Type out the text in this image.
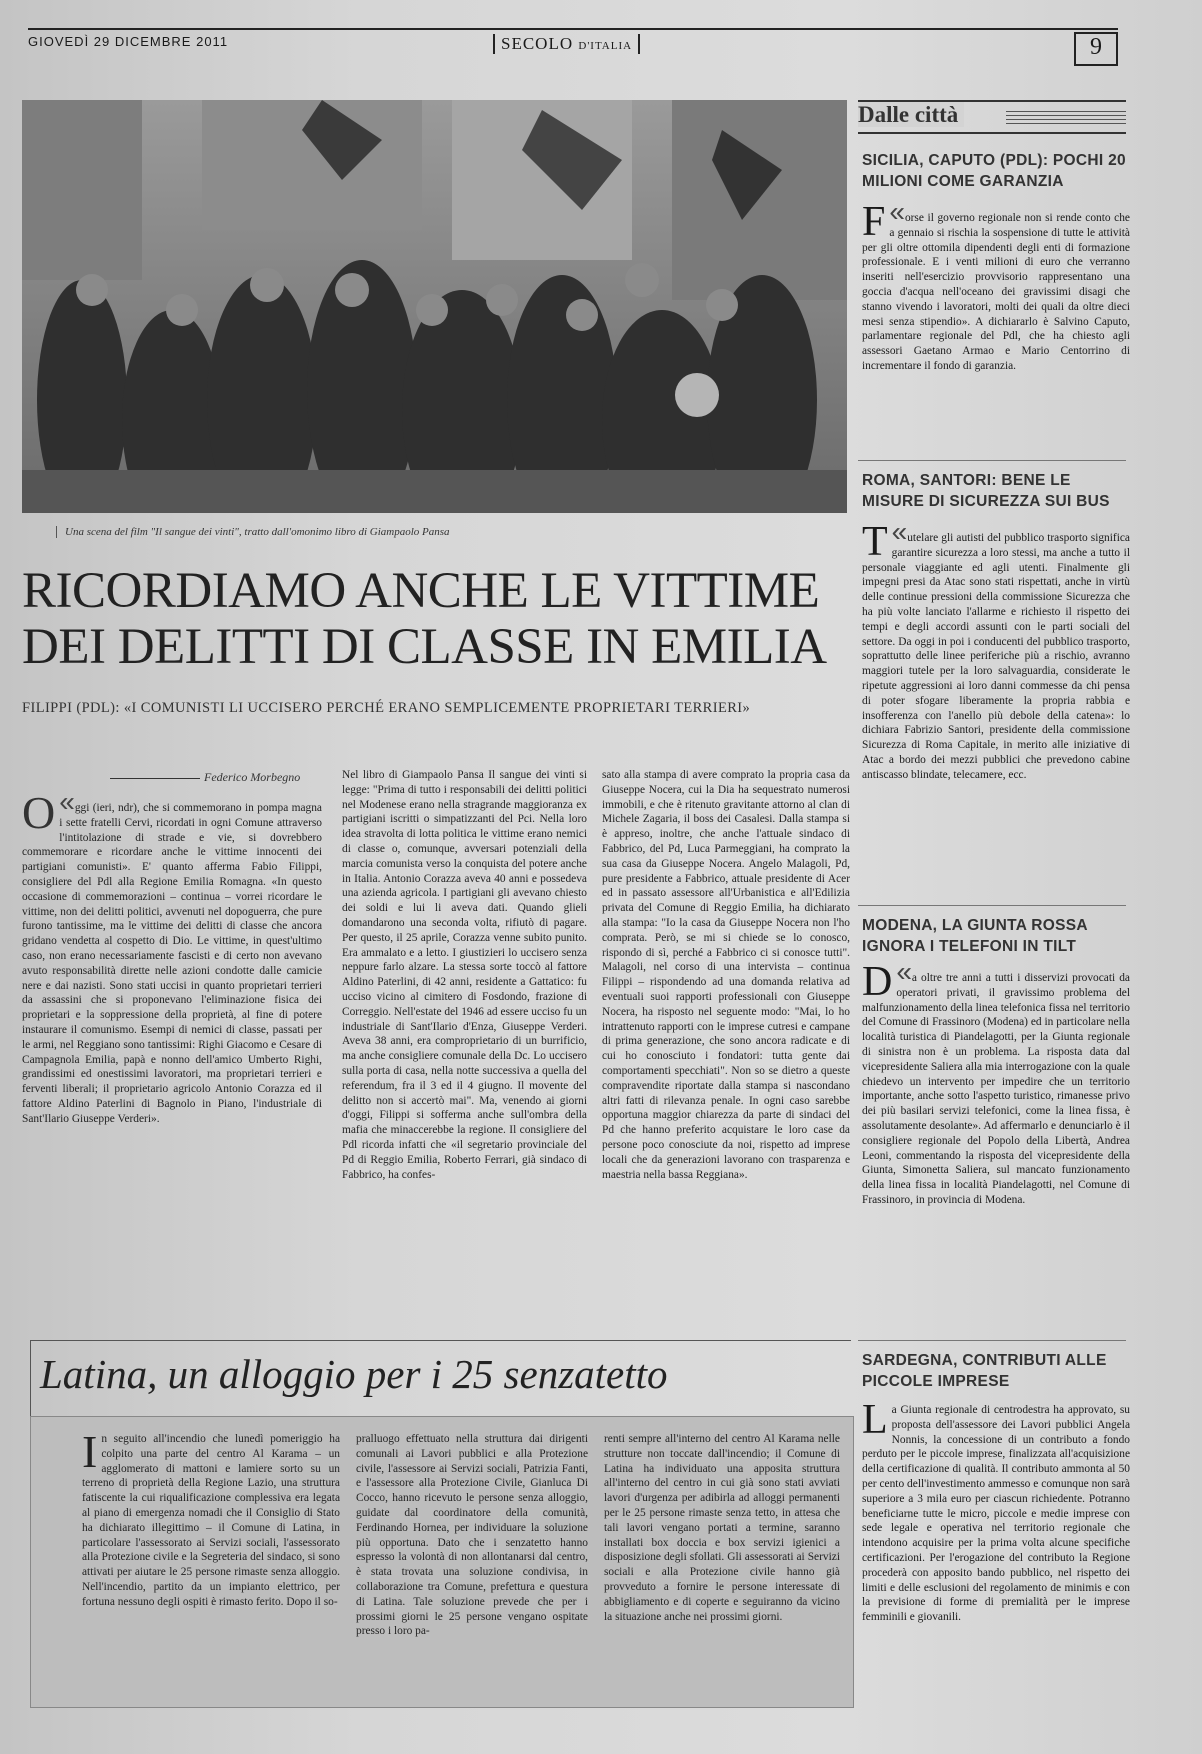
GIOVEDÌ 29 DICEMBRE 2011	SECOLO D'ITALIA	9
Una scena del film "Il sangue dei vinti", tratto dall'omonimo libro di Giampaolo Pansa
RICORDIAMO ANCHE LE VITTIME
DEI DELITTI DI CLASSE IN EMILIA
FILIPPI (PDL): «I COMUNISTI LI UCCISERO PERCHÉ ERANO SEMPLICEMENTE PROPRIETARI TERRIERI»
Federico Morbegno
«
O ggi (ieri, ndr), che si commemorano in pompa magna i sette fratelli Cervi, ricordati in ogni Comune attraverso l'intitolazione di strade e vie, si dovrebbero commemorare e ricordare anche le vittime innocenti dei partigiani comunisti». E' quanto afferma Fabio Filippi, consigliere del Pdl alla Regione Emilia Romagna. «In questo occasione di commemorazioni – continua – vorrei ricordare le vittime, non dei delitti politici, avvenuti nel dopoguerra, che pure furono tantissime, ma le vittime dei delitti di classe che ancora gridano vendetta al cospetto di Dio. Le vittime, in quest'ultimo caso, non erano necessariamente fascisti e di certo non avevano avuto responsabilità dirette nelle azioni condotte dalle camicie nere e dai nazisti. Sono stati uccisi in quanto proprietari terrieri da assassini che si proponevano l'eliminazione fisica dei proprietari e la soppressione della proprietà, al fine di potere instaurare il comunismo. Esempi di nemici di classe, passati per le armi, nel Reggiano sono tantissimi: Righi Giacomo e Cesare di Campagnola Emilia, papà e nonno dell'amico Umberto Righi, grandissimi ed onestissimi lavoratori, ma proprietari terrieri e ferventi liberali; il proprietario agricolo Antonio Corazza ed il fattore Aldino Paterlini di Bagnolo in Piano, l'industriale di Sant'Ilario Giuseppe Verderi».
Nel libro di Giampaolo Pansa Il sangue dei vinti si legge: "Prima di tutto i responsabili dei delitti politici nel Modenese erano nella stragrande maggioranza ex partigiani iscritti o simpatizzanti del Pci. Nella loro idea stravolta di lotta politica le vittime erano nemici di classe o, comunque, avversari potenziali della marcia comunista verso la conquista del potere anche in Italia. Antonio Corazza aveva 40 anni e possedeva una azienda agricola. I partigiani gli avevano chiesto dei soldi e lui li aveva dati. Quando glieli domandarono una seconda volta, rifiutò di pagare. Per questo, il 25 aprile, Corazza venne subito punito. Era ammalato e a letto. I giustizieri lo uccisero senza neppure farlo alzare. La stessa sorte toccò al fattore Aldino Paterlini, di 42 anni, residente a Gattatico: fu ucciso vicino al cimitero di Fosdondo, frazione di Correggio. Nell'estate del 1946 ad essere ucciso fu un industriale di Sant'Ilario d'Enza, Giuseppe Verderi. Aveva 38 anni, era comproprietario di un burrificio, ma anche consigliere comunale della Dc. Lo uccisero sulla porta di casa, nella notte successiva a quella del referendum, fra il 3 ed il 4 giugno. Il movente del delitto non si accertò mai". Ma, venendo ai giorni d'oggi, Filippi si sofferma anche sull'ombra della mafia che minaccerebbe la regione. Il consigliere del Pdl ricorda infatti che «il segretario provinciale del Pd di Reggio Emilia, Roberto Ferrari, già sindaco di Fabbrico, ha confes-
sato alla stampa di avere comprato la propria casa da Giuseppe Nocera, cui la Dia ha sequestrato numerosi immobili, e che è ritenuto gravitante attorno al clan di Michele Zagaria, il boss dei Casalesi. Dalla stampa si è appreso, inoltre, che anche l'attuale sindaco di Fabbrico, del Pd, Luca Parmeggiani, ha comprato la sua casa da Giuseppe Nocera. Angelo Malagoli, Pd, pure presidente a Fabbrico, attuale presidente di Acer ed in passato assessore all'Urbanistica e all'Edilizia privata del Comune di Reggio Emilia, ha dichiarato alla stampa: "Io la casa da Giuseppe Nocera non l'ho comprata. Però, se mi si chiede se lo conosco, rispondo di sì, perché a Fabbrico ci si conosce tutti". Malagoli, nel corso di una intervista – continua Filippi – rispondendo ad una domanda relativa ad eventuali suoi rapporti professionali con Giuseppe Nocera, ha risposto nel seguente modo: "Mai, lo ho intrattenuto rapporti con le imprese cutresi e campane di prima generazione, che sono ancora radicate e di cui ho conosciuto i fondatori: tutta gente dai comportamenti specchiati". Non so se dietro a queste compravendite riportate dalla stampa si nascondano altri fatti di rilevanza penale. In ogni caso sarebbe opportuna maggior chiarezza da parte di sindaci del Pd che hanno preferito acquistare le loro case da persone poco conosciute da noi, rispetto ad imprese locali che da generazioni lavorano con trasparenza e maestria nella bassa Reggiana».
Latina, un alloggio per i 25 senzatetto
In seguito all'incendio che lunedì pomeriggio ha colpito una parte del centro Al Karama – un agglomerato di mattoni e lamiere sorto su un terreno di proprietà della Regione Lazio, una struttura fatiscente la cui riqualificazione complessiva era legata al piano di emergenza nomadi che il Consiglio di Stato ha dichiarato illegittimo – il Comune di Latina, in particolare l'assessorato ai Servizi sociali, l'assessorato alla Protezione civile e la Segreteria del sindaco, si sono attivati per aiutare le 25 persone rimaste senza alloggio. Nell'incendio, partito da un impianto elettrico, per fortuna nessuno degli ospiti è rimasto ferito. Dopo il so-
pralluogo effettuato nella struttura dai dirigenti comunali ai Lavori pubblici e alla Protezione civile, l'assessore ai Servizi sociali, Patrizia Fanti, e l'assessore alla Protezione Civile, Gianluca Di Cocco, hanno ricevuto le persone senza alloggio, guidate dal coordinatore della comunità, Ferdinando Hornea, per individuare la soluzione più opportuna. Dato che i senzatetto hanno espresso la volontà di non allontanarsi dal centro, è stata trovata una soluzione condivisa, in collaborazione tra Comune, prefettura e questura di Latina. Tale soluzione prevede che per i prossimi giorni le 25 persone vengano ospitate presso i loro pa-
renti sempre all'interno del centro Al Karama nelle strutture non toccate dall'incendio; il Comune di Latina ha individuato una apposita struttura all'interno del centro in cui già sono stati avviati lavori d'urgenza per adibirla ad alloggi permanenti per le 25 persone rimaste senza tetto, in attesa che tali lavori vengano portati a termine, saranno installati box doccia e box servizi igienici a disposizione degli sfollati. Gli assessorati ai Servizi sociali e alla Protezione civile hanno già provveduto a fornire le persone interessate di abbigliamento e di coperte e seguiranno da vicino la situazione anche nei prossimi giorni.
Dalle città
SICILIA, CAPUTO (PDL): POCHI 20 MILIONI COME GARANZIA
«
F orse il governo regionale non si rende conto che a gennaio si rischia la sospensione di tutte le attività per gli oltre ottomila dipendenti degli enti di formazione professionale. E i venti milioni di euro che verranno inseriti nell'esercizio provvisorio rappresentano una goccia d'acqua nell'oceano dei gravissimi disagi che stanno vivendo i lavoratori, molti dei quali da oltre dieci mesi senza stipendio». A dichiararlo è Salvino Caputo, parlamentare regionale del Pdl, che ha chiesto agli assessori Gaetano Armao e Mario Centorrino di incrementare il fondo di garanzia.
ROMA, SANTORI: BENE LE MISURE DI SICUREZZA SUI BUS
«
T utelare gli autisti del pubblico trasporto significa garantire sicurezza a loro stessi, ma anche a tutto il personale viaggiante ed agli utenti. Finalmente gli impegni presi da Atac sono stati rispettati, anche in virtù delle continue pressioni della commissione Sicurezza che ha più volte lanciato l'allarme e richiesto il rispetto dei tempi e degli accordi assunti con le parti sociali del settore. Da oggi in poi i conducenti del pubblico trasporto, soprattutto delle linee periferiche più a rischio, avranno maggiori tutele per la loro salvaguardia, considerate le ripetute aggressioni ai loro danni commesse da chi pensa di poter sfogare liberamente la propria rabbia e insofferenza con l'anello più debole della catena»: lo dichiara Fabrizio Santori, presidente della commissione Sicurezza di Roma Capitale, in merito alle iniziative di Atac a bordo dei mezzi pubblici che prevedono cabine antiscasso blindate, telecamere, ecc.
MODENA, LA GIUNTA ROSSA IGNORA I TELEFONI IN TILT
«
D a oltre tre anni a tutti i disservizi provocati da operatori privati, il gravissimo problema del malfunzionamento della linea telefonica fissa nel territorio del Comune di Frassinoro (Modena) ed in particolare nella località turistica di Piandelagotti, per la Giunta regionale di sinistra non è un problema. La risposta data dal vicepresidente Saliera alla mia interrogazione con la quale chiedevo un intervento per impedire che un territorio importante, anche sotto l'aspetto turistico, rimanesse privo dei più basilari servizi telefonici, come la linea fissa, è assolutamente desolante». Ad affermarlo e denunciarlo è il consigliere regionale del Popolo della Libertà, Andrea Leoni, commentando la risposta del vicepresidente della Giunta, Simonetta Saliera, sul mancato funzionamento della linea fissa in località Piandelagotti, nel Comune di Frassinoro, in provincia di Modena.
SARDEGNA, CONTRIBUTI ALLE PICCOLE IMPRESE
La Giunta regionale di centrodestra ha approvato, su proposta dell'assessore dei Lavori pubblici Angela Nonnis, la concessione di un contributo a fondo perduto per le piccole imprese, finalizzata all'acquisizione della certificazione di qualità. Il contributo ammonta al 50 per cento dell'investimento ammesso e comunque non sarà superiore a 3 mila euro per ciascun richiedente. Potranno beneficiarne tutte le micro, piccole e medie imprese con sede legale e operativa nel territorio regionale che intendono acquisire per la prima volta alcune specifiche certificazioni. Per l'erogazione del contributo la Regione procederà con apposito bando pubblico, nel rispetto dei limiti e delle esclusioni del regolamento de minimis e con la previsione di forme di premialità per le imprese femminili e giovanili.
